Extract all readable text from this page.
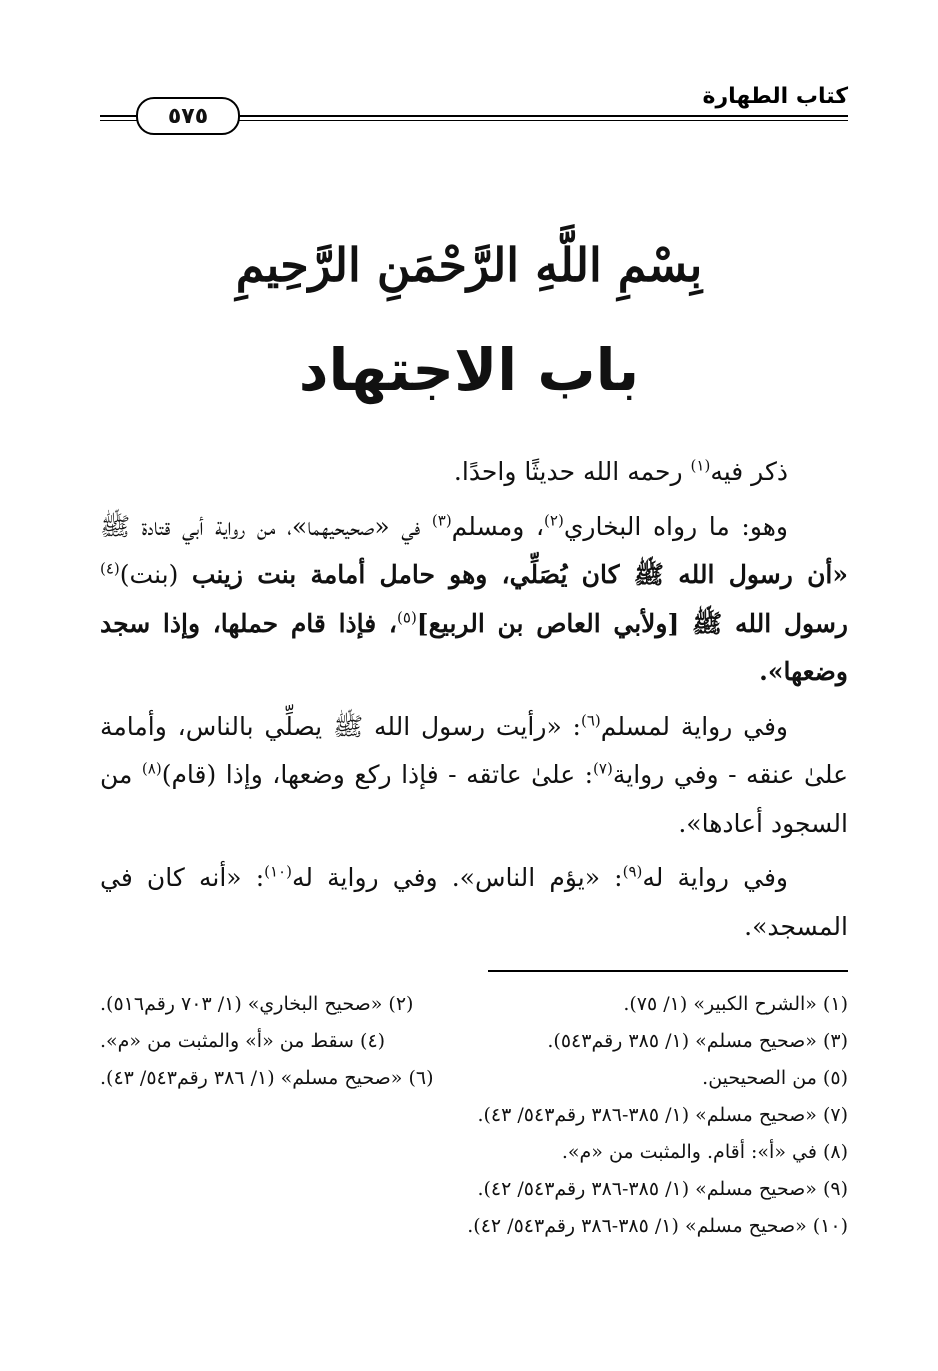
كتاب الطهارة
٥٧٥
بِسْمِ اللَّهِ الرَّحْمَنِ الرَّحِيمِ
باب الاجتهاد

ذكر فيه$^{(١)}$ رحمه الله حديثًا واحدًا.

وهو: ما رواه البخاري$^{(٢)}$، ومسلم$^{(٣)}$ في «صحيحيهما»، من رواية أبي قتادة ﷺ «أن رسول الله ﷺ كان يُصَلِّي، وهو حامل أمامة بنت زينب (بنت)$^{(٤)}$ رسول الله ﷺ [ولأبي العاص بن الربيع]$^{(٥)}$، فإذا قام حملها، وإذا سجد وضعها».

وفي رواية لمسلم$^{(٦)}$: «رأيت رسول الله ﷺ يصلِّي بالناس، وأمامة علىٰ عنقه - وفي رواية$^{(٧)}$: علىٰ عاتقه - فإذا ركع وضعها، وإذا (قام)$^{(٨)}$ من السجود أعادها».

وفي رواية له$^{(٩)}$: «يؤم الناس». وفي رواية له$^{(١٠)}$: «أنه كان في المسجد».

(١) «الشرح الكبير» (١/ ٧٥).
(٢) «صحيح البخاري» (١/ ٧٠٣ رقم٥١٦).
(٣) «صحيح مسلم» (١/ ٣٨٥ رقم٥٤٣).
(٤) سقط من «أ» والمثبت من «م».
(٥) من الصحيحين.
(٦) «صحيح مسلم» (١/ ٣٨٦ رقم٥٤٣/ ٤٣).
(٧) «صحيح مسلم» (١/ ٣٨٥-٣٨٦ رقم٥٤٣/ ٤٣).
(٨) في «أ»: أقام. والمثبت من «م».
(٩) «صحيح مسلم» (١/ ٣٨٥-٣٨٦ رقم٥٤٣/ ٤٢).
(١٠) «صحيح مسلم» (١/ ٣٨٥-٣٨٦ رقم٥٤٣/ ٤٢).
